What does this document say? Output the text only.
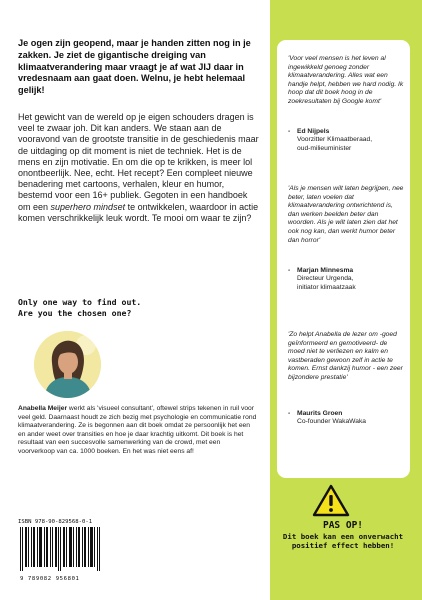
'Voor veel mensen is het leven al ingewikkeld genoeg zonder klimaatverandering. Alles wat een handje helpt, hebben we hard nodig. Ik hoop dat dit boek hoog in de zoekresultaten bij Google komt'
-	Ed Nijpels
Voorzitter Klimaatberaad,
oud-milieuminister
'Als je mensen wilt laten begrijpen, nee beter, laten voelen dat klimaatverandering ontwrichtend is, dan werken beelden beter dan woorden. Als je wilt laten zien dat het ook nog kan, dan werkt humor beter dan horror'
-	Marjan Minnesma
Directeur Urgenda,
initiator klimaatzaak
'Zo helpt Anabella de lezer om -goed geïnformeerd en gemotiveerd- de moed niet te verliezen en kalm en vastberaden gewoon zelf in actie te komen. Ernst dankzij humor - een zeer bijzondere prestatie'
-	Maurits Groen
Co-founder WakaWaka
Je ogen zijn geopend, maar je handen zitten nog in je zakken. Je ziet de gigantische dreiging van klimaatverandering maar vraagt je af wat JIJ daar in vredesnaam aan gaat doen. Welnu, je hebt helemaal gelijk!
Het gewicht van de wereld op je eigen schouders dragen is veel te zwaar joh. Dit kan anders. We staan aan de vooravond van de grootste transitie in de geschiedenis maar de uitdaging op dit moment is niet de techniek. Het is de mens en zijn motivatie. En om die op te krikken, is meer lol onontbeerlijk. Nee, echt. Het recept? Een compleet nieuwe benadering met cartoons, verhalen, kleur en humor, bestemd voor een 16+ publiek. Gegoten in een handboek om een superhero mindset te ontwikkelen, waardoor in actie komen verschrikkelijk leuk wordt. Te mooi om waar te zijn?
Only one way to find out.
Are you the chosen one?
Anabella Meijer werkt als 'visueel consultant', oftewel strips tekenen in ruil voor veel geld. Daarnaast houdt ze zich bezig met psychologie en communicatie rond klimaatverandering. Ze is begonnen aan dit boek omdat ze persoonlijk het een en ander weet over transities en hoe je daar krachtig uitkomt. Dit boek is het resultaat van een succesvolle samenwerking van de crowd, met een voorverkoop van ca. 1000 boeken. En het was niet eens af!
ISBN 978-90-829568-0-1
9 789082 956801
PAS OP!
Dit boek kan een onverwacht positief effect hebben!
